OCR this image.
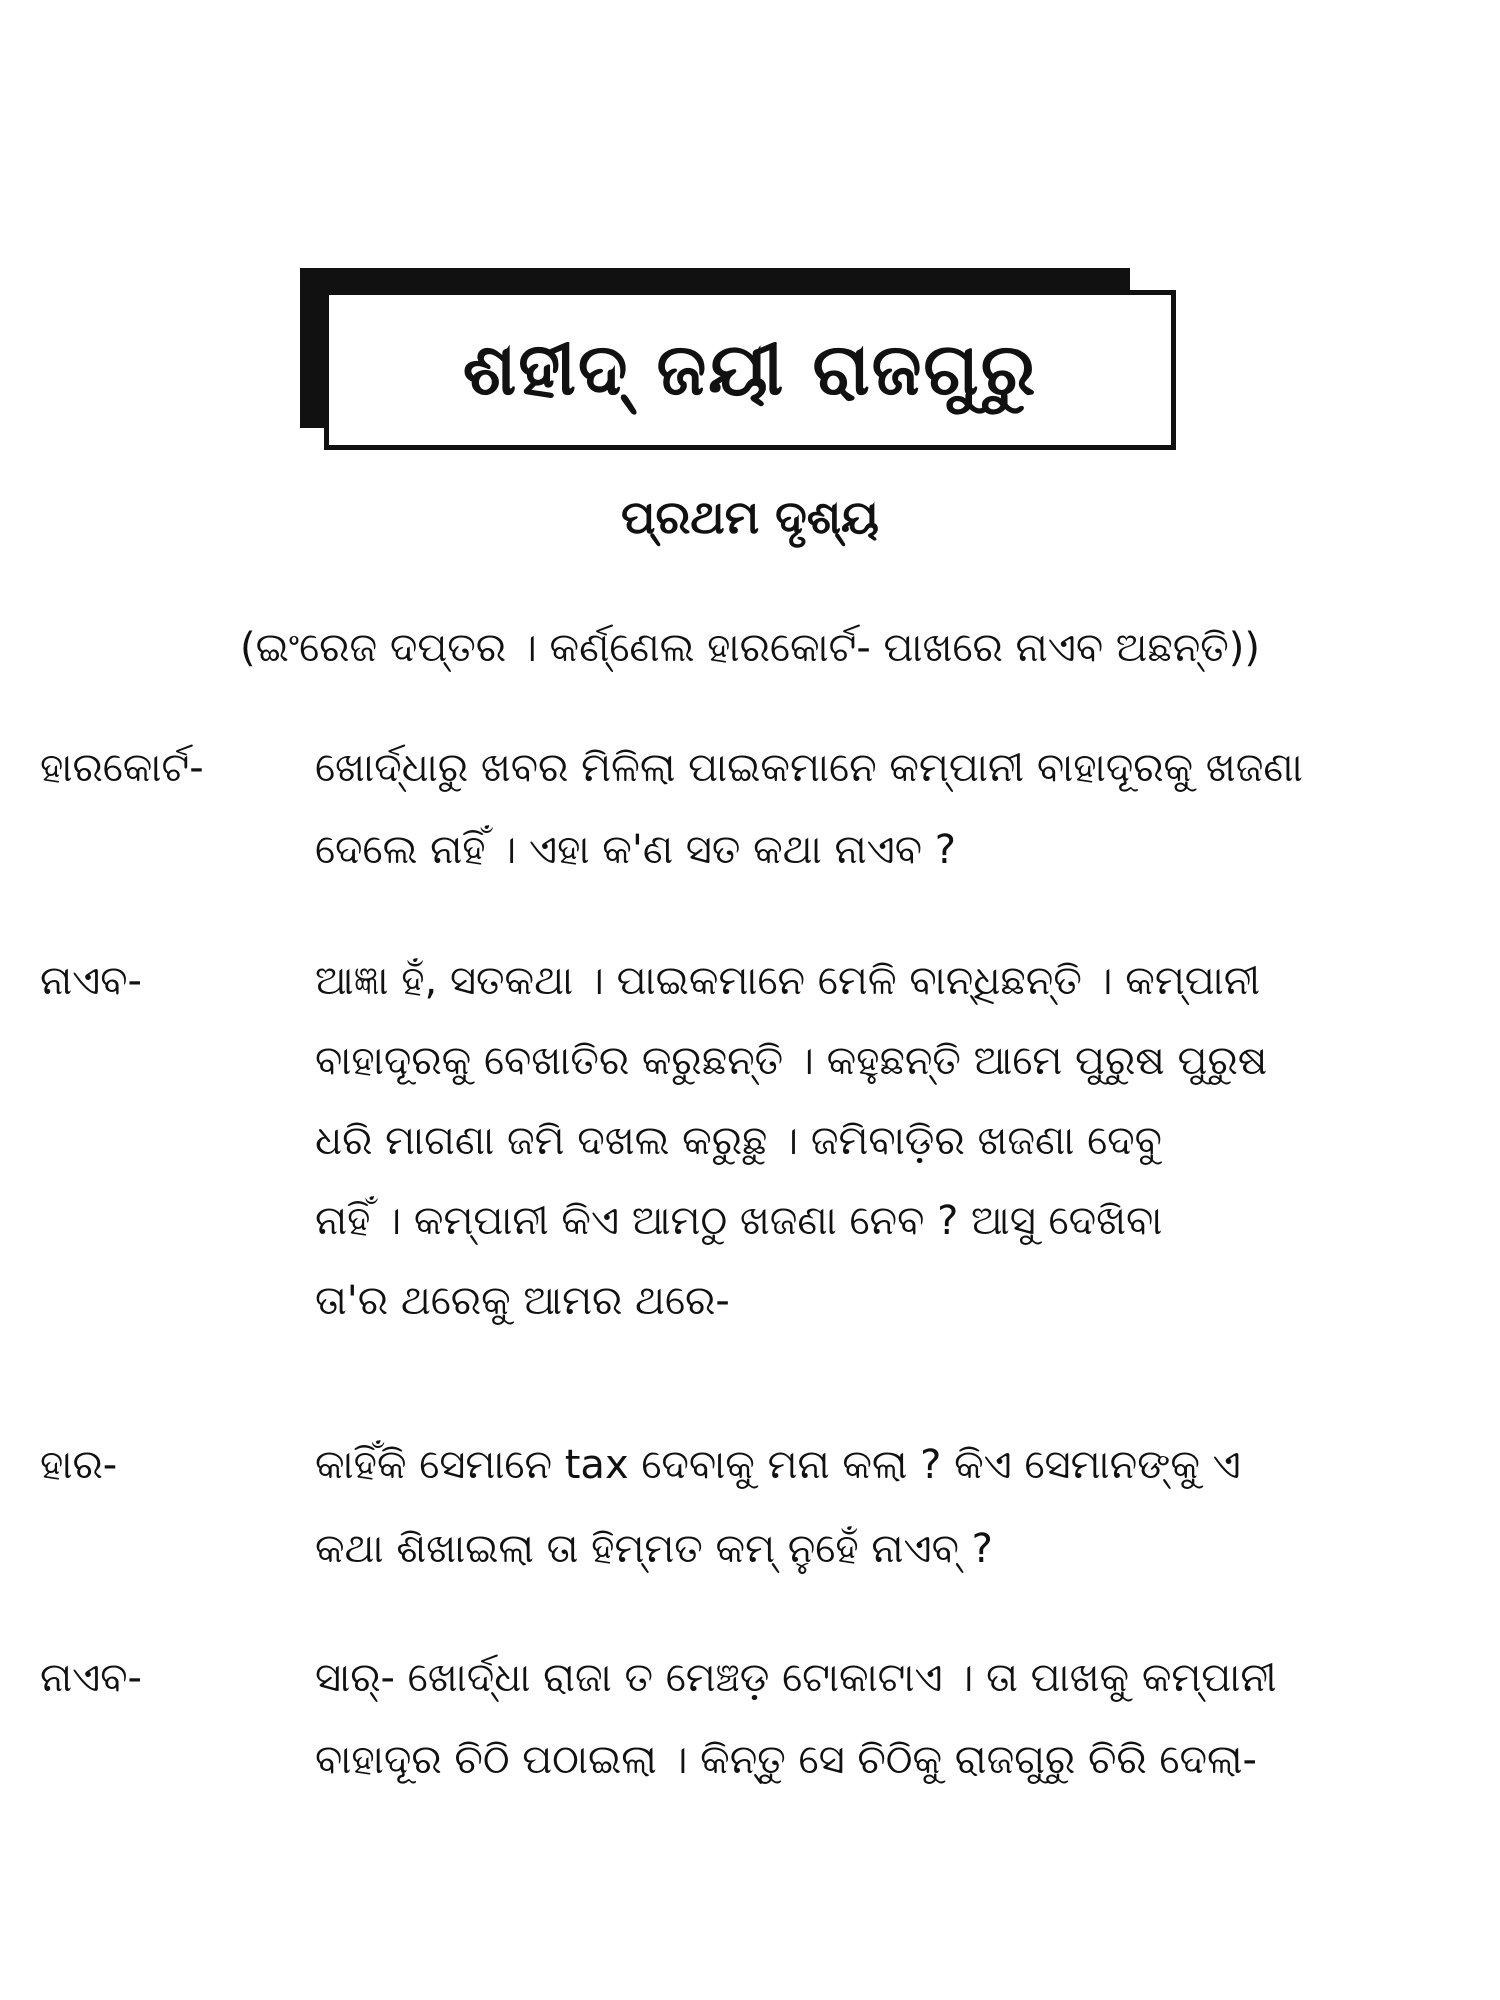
ଶହୀଦ୍ ଜୟୀ ରାଜଗୁରୁ
ପ୍ରଥମ ଦୃଶ୍ୟ
(ଇଂରେଜ ଦପ୍ତର । କର୍ଣ୍ଣେଲ ହାରକୋର୍ଟ- ପାଖରେ ନାଏବ ଅଛନ୍ତି))
ହାରକୋର୍ଟ-	ଖୋର୍ଦ୍ଧାରୁ ଖବର ମିଳିଲା ପାଇକମାନେ କମ୍ପାନୀ ବାହାଦୂରକୁ ଖଜଣା
ଦେଲେ ନାହିଁ । ଏହା କ'ଣ ସତ କଥା ନାଏବ ?
ନାଏବ-	ଆଜ୍ଞା ହଁ, ସତକଥା । ପାଇକମାନେ ମେଳି ବାନ୍ଧିଛନ୍ତି । କମ୍ପାନୀ
ବାହାଦୂରକୁ ବେଖାତିର କରୁଛନ୍ତି । କହୁଛନ୍ତି ଆମେ ପୁରୁଷ ପୁରୁଷ
ଧରି ମାଗଣା ଜମି ଦଖଲ କରୁଛୁ । ଜମିବାଡ଼ିର ଖଜଣା ଦେବୁ
ନାହିଁ । କମ୍ପାନୀ କିଏ ଆମଠୁ ଖଜଣା ନେବ ? ଆସୁ ଦେଖିବା
ତା'ର ଥରେକୁ ଆମର ଥରେ-
ହାର-	କାହିଁକି ସେମାନେ tax ଦେବାକୁ ମନା କଲା ? କିଏ ସେମାନଙ୍କୁ ଏ
କଥା ଶିଖାଇଲା ତା ହିମ୍ମତ କମ୍ ନୁହେଁ ନାଏବ୍ ?
ନାଏବ-	ସାର୍- ଖୋର୍ଦ୍ଧା ରାଜା ତ ମେଞ୍ଚଡ଼ ଟୋକାଟାଏ । ତା ପାଖକୁ କମ୍ପାନୀ
ବାହାଦୂର ଚିଠି ପଠାଇଲା । କିନ୍ତୁ ସେ ଚିଠିକୁ ରାଜଗୁରୁ ଚିରି ଦେଲା-
